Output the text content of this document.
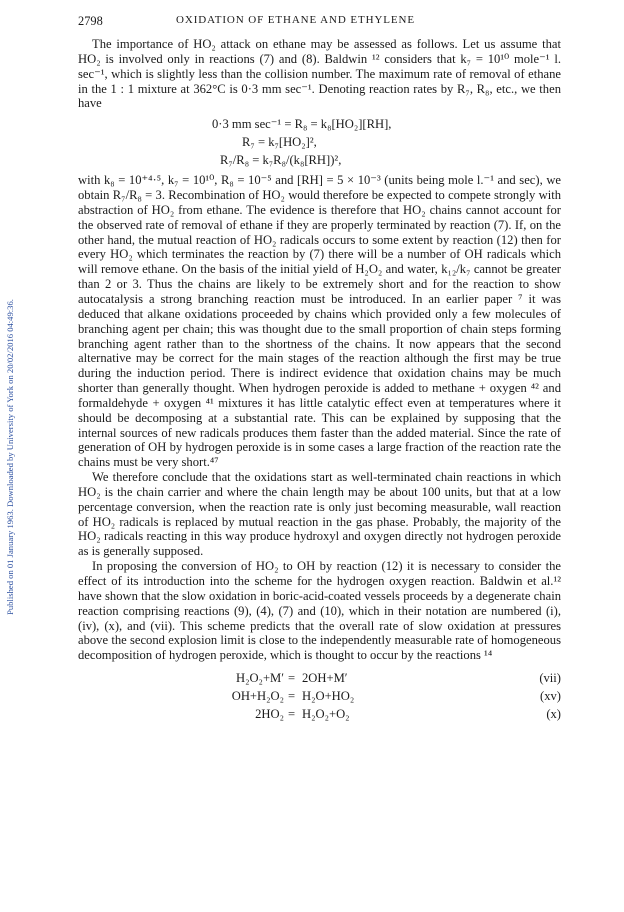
2798	OXIDATION OF ETHANE AND ETHYLENE
Published on 01 January 1963. Downloaded by University of York on 20/02/2016 04:49:36.

The importance of HO₂ attack on ethane may be assessed as follows. Let us assume that HO₂ is involved only in reactions (7) and (8). Baldwin ¹² considers that k₇ = 10¹⁰ mole⁻¹ l. sec⁻¹, which is slightly less than the collision number. The maximum rate of removal of ethane in the 1 : 1 mixture at 362°C is 0·3 mm sec⁻¹. Denoting reaction rates by R₇, R₈, etc., we then have

0·3 mm sec⁻¹ = R₈ = k₈[HO₂][RH],
R₇ = k₇[HO₂]²,
R₇/R₈ = k₇R₈/(k₈[RH])²,

with k₈ = 10⁺⁴·⁵, k₇ = 10¹⁰, R₈ = 10⁻⁵ and [RH] = 5 × 10⁻³ (units being mole l.⁻¹ and sec), we obtain R₇/R₈ = 3. Recombination of HO₂ would therefore be expected to compete strongly with abstraction of HO₂ from ethane. The evidence is therefore that HO₂ chains cannot account for the observed rate of removal of ethane if they are properly terminated by reaction (7). If, on the other hand, the mutual reaction of HO₂ radicals occurs to some extent by reaction (12) then for every HO₂ which terminates the reaction by (7) there will be a number of OH radicals which will remove ethane. On the basis of the initial yield of H₂O₂ and water, k₁₂/k₇ cannot be greater than 2 or 3. Thus the chains are likely to be extremely short and for the reaction to show autocatalysis a strong branching reaction must be introduced. In an earlier paper ⁷ it was deduced that alkane oxidations proceeded by chains which provided only a few molecules of branching agent per chain; this was thought due to the small proportion of chain steps forming branching agent rather than to the shortness of the chains. It now appears that the second alternative may be correct for the main stages of the reaction although the first may be true during the induction period. There is indirect evidence that oxidation chains may be much shorter than generally thought. When hydrogen peroxide is added to methane + oxygen ⁴² and formaldehyde + oxygen ⁴¹ mixtures it has little catalytic effect even at temperatures where it should be decomposing at a substantial rate. This can be explained by supposing that the internal sources of new radicals produces them faster than the added material. Since the rate of generation of OH by hydrogen peroxide is in some cases a large fraction of the reaction rate the chains must be very short.⁴⁷

We therefore conclude that the oxidations start as well-terminated chain reactions in which HO₂ is the chain carrier and where the chain length may be about 100 units, but that at a low percentage conversion, when the reaction rate is only just becoming measurable, wall reaction of HO₂ radicals is replaced by mutual reaction in the gas phase. Probably, the majority of the HO₂ radicals reacting in this way produce hydroxyl and oxygen directly not hydrogen peroxide as is generally supposed.

In proposing the conversion of HO₂ to OH by reaction (12) it is necessary to consider the effect of its introduction into the scheme for the hydrogen oxygen reaction. Baldwin et al.¹² have shown that the slow oxidation in boric-acid-coated vessels proceeds by a degenerate chain reaction comprising reactions (9), (4), (7) and (10), which in their notation are numbered (i), (iv), (x), and (vii). This scheme predicts that the overall rate of slow oxidation at pressures above the second explosion limit is close to the independently measurable rate of homogeneous decomposition of hydrogen peroxide, which is thought to occur by the reactions ¹⁴

H₂O₂+M′ = 2OH+M′	(vii)
OH+H₂O₂ = H₂O+HO₂	(xv)
2HO₂ = H₂O₂+O₂	(x)
